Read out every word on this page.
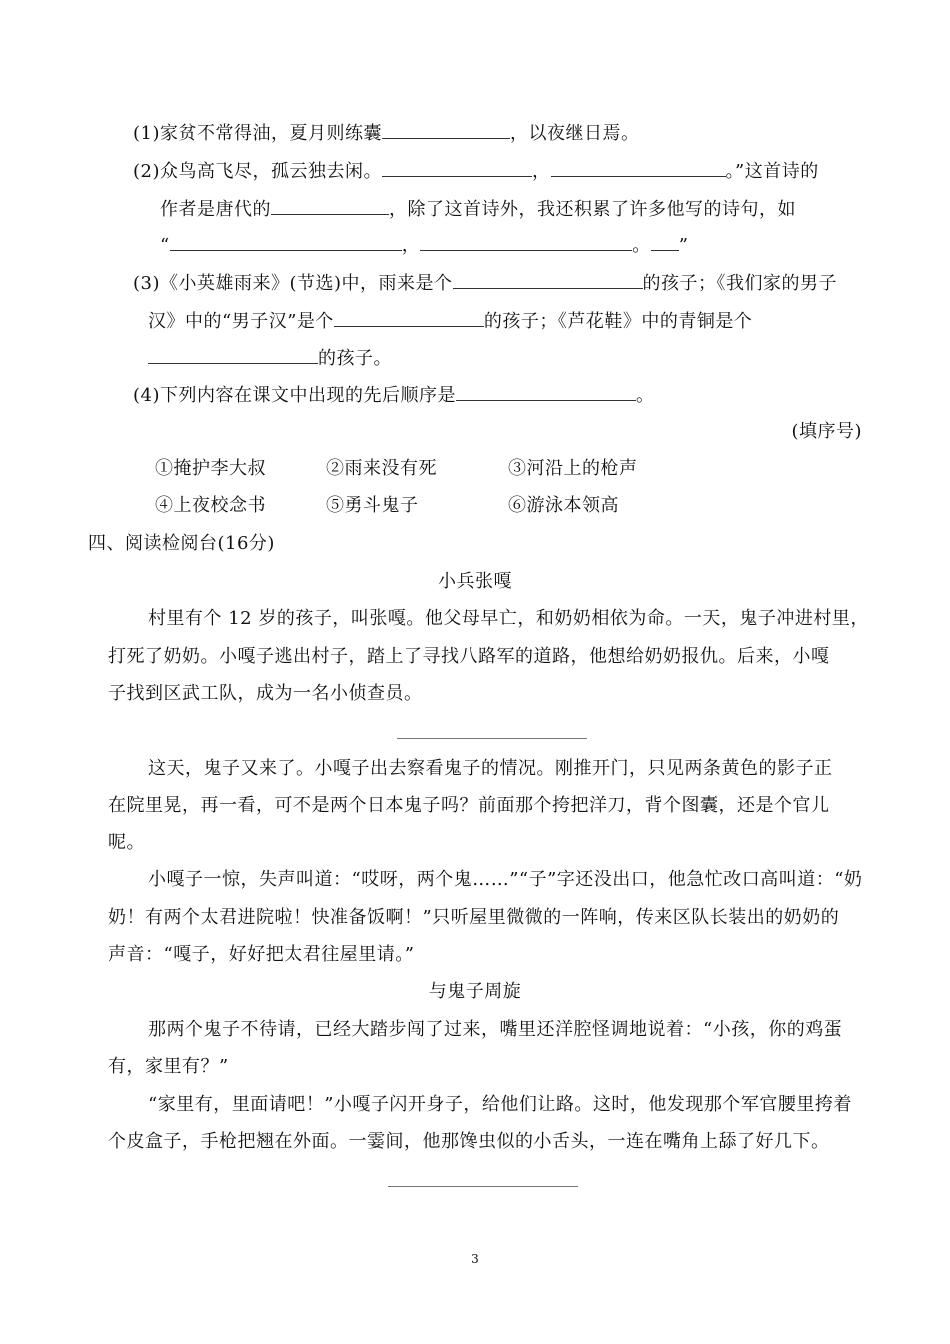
(1)家贫不常得油，夏月则练囊	，以夜继日焉。
(2)众鸟高飞尽，孤云独去闲。	，	。”这首诗的
作者是唐代的	，除了这首诗外，我还积累了许多他写的诗句，如
“	，	。 ”
(3)《小英雄雨来》(节选)中，雨来是个	的孩子；《我们家的男子
汉》中的“男子汉”是个	的孩子；《芦花鞋》中的青铜是个
的孩子。
(4)下列内容在课文中出现的先后顺序是	。
(填序号)
①掩护李大叔	②雨来没有死	③河沿上的枪声
④上夜校念书	⑤勇斗鬼子	⑥游泳本领高
四、阅读检阅台(16分)
小兵张嘎
村里有个 12 岁的孩子，叫张嘎。他父母早亡，和奶奶相依为命。一天，鬼子冲进村里，
打死了奶奶。小嘎子逃出村子，踏上了寻找八路军的道路，他想给奶奶报仇。后来，小嘎
子找到区武工队，成为一名小侦查员。
这天，鬼子又来了。小嘎子出去察看鬼子的情况。刚推开门，只见两条黄色的影子正
在院里晃，再一看，可不是两个日本鬼子吗？前面那个挎把洋刀，背个图囊，还是个官儿
呢。
小嘎子一惊，失声叫道：“哎呀，两个鬼……”“子”字还没出口，他急忙改口高叫道：“奶
奶！有两个太君进院啦！快准备饭啊！”只听屋里微微的一阵响，传来区队长装出的奶奶的
声音：“嘎子，好好把太君往屋里请。”
与鬼子周旋
那两个鬼子不待请，已经大踏步闯了过来，嘴里还洋腔怪调地说着：“小孩，你的鸡蛋
有，家里有？”
“家里有，里面请吧！”小嘎子闪开身子，给他们让路。这时，他发现那个军官腰里挎着
个皮盒子，手枪把翘在外面。一霎间，他那馋虫似的小舌头，一连在嘴角上舔了好几下。
3
